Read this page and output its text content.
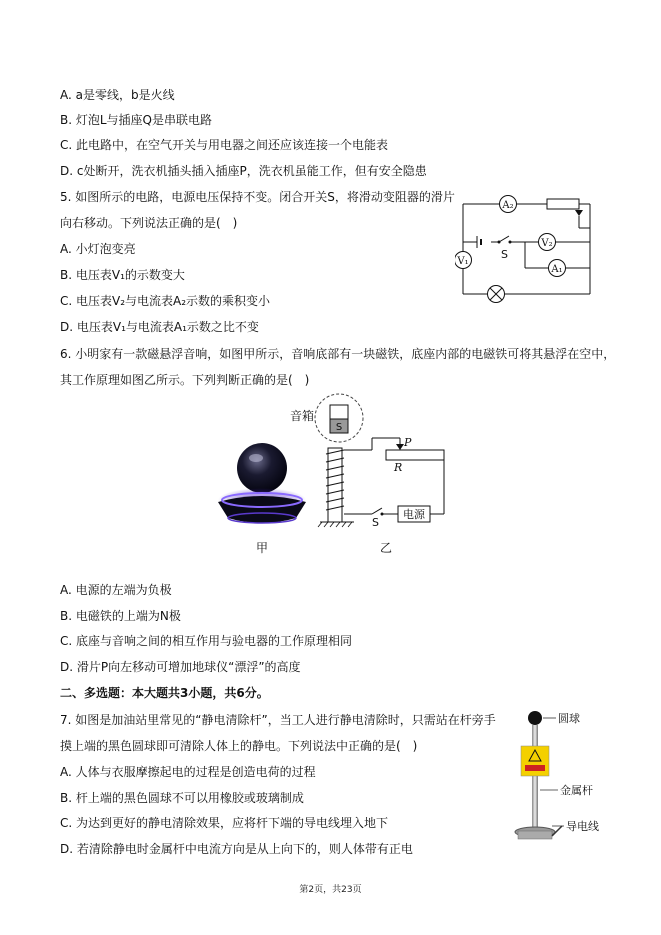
A. a是零线，b是火线
B. 灯泡L与插座Q是串联电路
C. 此电路中，在空气开关与用电器之间还应该连接一个电能表
D. c处断开，洗衣机插头插入插座P，洗衣机虽能工作，但有安全隐患
5. 如图所示的电路，电源电压保持不变。闭合开关S，将滑动变阻器的滑片
向右移动。下列说法正确的是(　)
A. 小灯泡变亮
B. 电压表V₁的示数变大
C. 电压表V₂与电流表A₂示数的乘积变小
D. 电压表V₁与电流表A₁示数之比不变
A₂
V₂
V₁
A₁
S
6. 小明家有一款磁悬浮音响，如图甲所示，音响底部有一块磁铁，底座内部的电磁铁可将其悬浮在空中，
其工作原理如图乙所示。下列判断正确的是(　)
甲
音箱
S
P
R
S
电源
乙
A. 电源的左端为负极
B. 电磁铁的上端为N极
C. 底座与音响之间的相互作用与验电器的工作原理相同
D. 滑片P向左移动可增加地球仪“漂浮”的高度
二、多选题：本大题共3小题，共6分。
7. 如图是加油站里常见的“静电清除杆”，当工人进行静电清除时，只需站在杆旁手
摸上端的黑色圆球即可清除人体上的静电。下列说法中正确的是(　)
A. 人体与衣服摩擦起电的过程是创造电荷的过程
B. 杆上端的黑色圆球不可以用橡胶或玻璃制成
C. 为达到更好的静电清除效果，应将杆下端的导电线埋入地下
D. 若清除静电时金属杆中电流方向是从上向下的，则人体带有正电
圆球
金属杆
导电线
第2页，共23页
